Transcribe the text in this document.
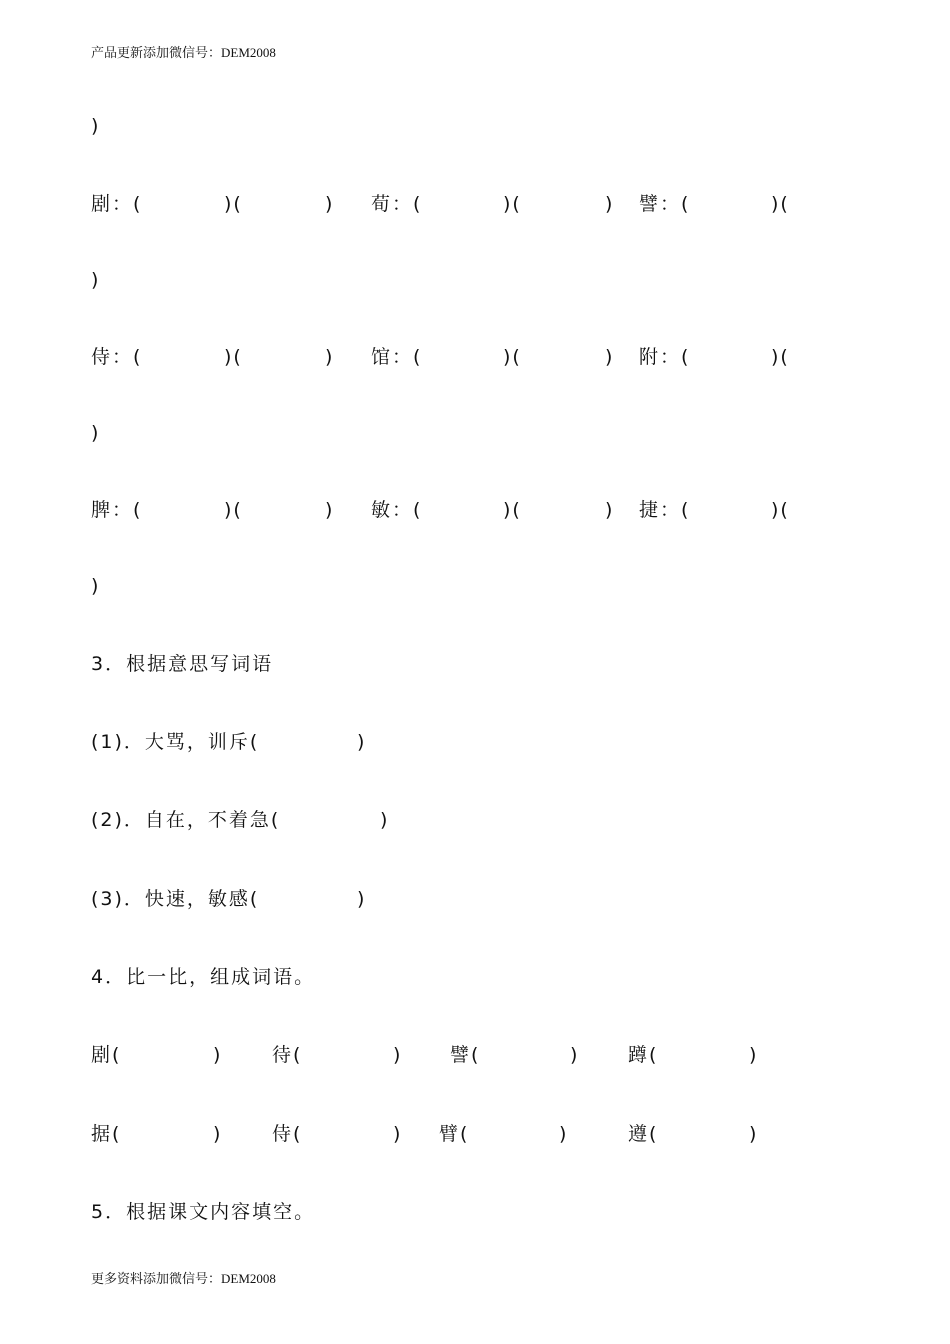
产品更新添加微信号：DEM2008
)
剧：(	)(	) 荀：(	)(	) 譬：(	)(
)
侍：(	)(	) 馆：(	)(	) 附：(	)(
)
脾：(	)(	) 敏：(	)(	) 捷：(	)(
)
3．根据意思写词语
(1)．大骂，训斥(	)
(2)．自在，不着急(	)
(3)．快速，敏感(	)
4．比一比，组成词语。
剧(	)	待(	)	譬(	)	蹲(	)
据(	)	侍(	) 臂(	)	遵(	)
5．根据课文内容填空。
更多资料添加微信号：DEM2008
